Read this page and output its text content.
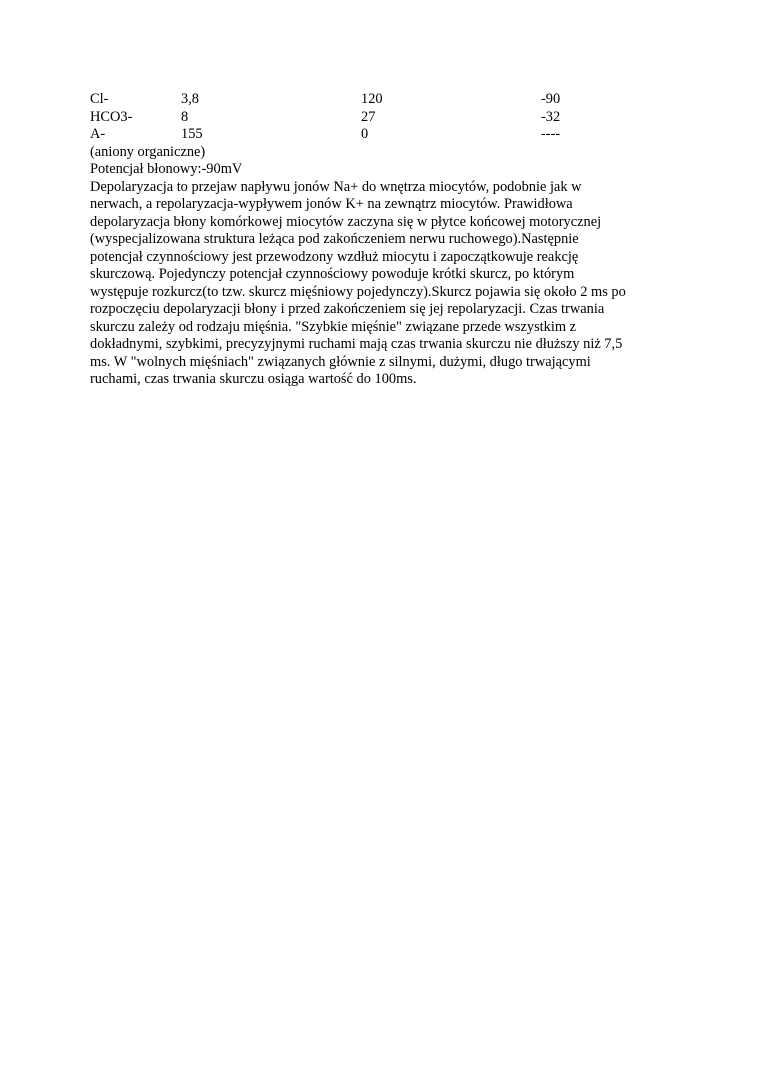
Cl-	3,8	120	-90
HCO3-	8	27	-32
A-	155	0	----

(aniony organiczne)

Potencjał błonowy:-90mV

Depolaryzacja to przejaw napływu jonów Na+ do wnętrza miocytów, podobnie jak w
nerwach, a repolaryzacja-wypływem jonów K+ na zewnątrz miocytów. Prawidłowa
depolaryzacja błony komórkowej miocytów zaczyna się w płytce końcowej motorycznej
(wyspecjalizowana struktura leżąca pod zakończeniem nerwu ruchowego).Następnie
potencjał czynnościowy jest przewodzony wzdłuż miocytu i zapoczątkowuje reakcję
skurczową. Pojedynczy potencjał czynnościowy powoduje krótki skurcz, po którym
występuje rozkurcz(to tzw. skurcz mięśniowy pojedynczy).Skurcz pojawia się około 2 ms po
rozpoczęciu depolaryzacji błony i przed zakończeniem się jej repolaryzacji. Czas trwania
skurczu zależy od rodzaju mięśnia. "Szybkie mięśnie" związane przede wszystkim z
dokładnymi, szybkimi, precyzyjnymi ruchami mają czas trwania skurczu nie dłuższy niż 7,5
ms. W "wolnych mięśniach" związanych głównie z silnymi, dużymi, długo trwającymi
ruchami, czas trwania skurczu osiąga wartość do 100ms.
